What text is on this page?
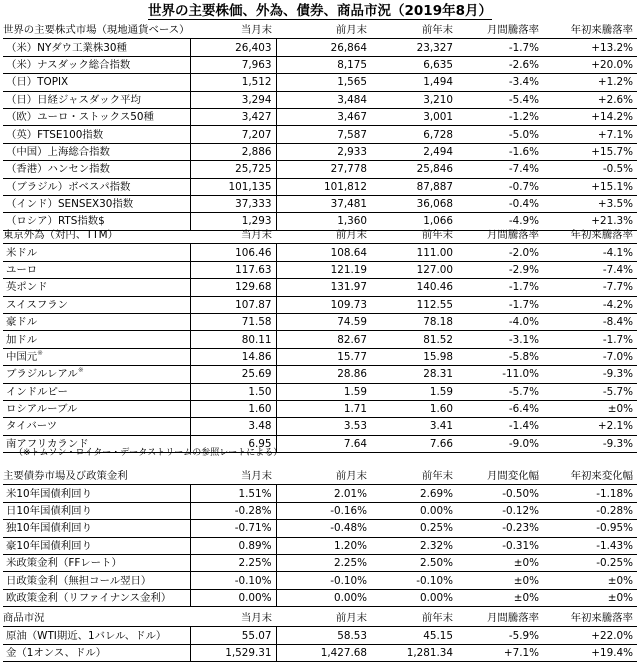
世界の主要株価、外為、債券、商品市況（2019年8月）
世界の主要株式市場（現地通貨ベース）	当月末	前月末	前年末	月間騰落率	年初来騰落率
（米）NYダウ工業株30種	26,403	26,864	23,327	-1.7%	+13.2%
（米）ナスダック総合指数	7,963	8,175	6,635	-2.6%	+20.0%
（日）TOPIX	1,512	1,565	1,494	-3.4%	+1.2%
（日）日経ジャスダック平均	3,294	3,484	3,210	-5.4%	+2.6%
（欧）ユーロ・ストックス50種	3,427	3,467	3,001	-1.2%	+14.2%
（英）FTSE100指数	7,207	7,587	6,728	-5.0%	+7.1%
（中国）上海総合指数	2,886	2,933	2,494	-1.6%	+15.7%
（香港）ハンセン指数	25,725	27,778	25,846	-7.4%	-0.5%
（ブラジル）ボベスパ指数	101,135	101,812	87,887	-0.7%	+15.1%
（インド）SENSEX30指数	37,333	37,481	36,068	-0.4%	+3.5%
（ロシア）RTS指数$	1,293	1,360	1,066	-4.9%	+21.3%
東京外為（対円、TTM）	当月末	前月末	前年末	月間騰落率	年初来騰落率
米ドル	106.46	108.64	111.00	-2.0%	-4.1%
ユーロ	117.63	121.19	127.00	-2.9%	-7.4%
英ポンド	129.68	131.97	140.46	-1.7%	-7.7%
スイスフラン	107.87	109.73	112.55	-1.7%	-4.2%
豪ドル	71.58	74.59	78.18	-4.0%	-8.4%
加ドル	80.11	82.67	81.52	-3.1%	-1.7%
中国元※	14.86	15.77	15.98	-5.8%	-7.0%
ブラジルレアル※	25.69	28.86	28.31	-11.0%	-9.3%
インドルピー	1.50	1.59	1.59	-5.7%	-5.7%
ロシアルーブル	1.60	1.71	1.60	-6.4%	±0%
タイバーツ	3.48	3.53	3.41	-1.4%	+2.1%
南アフリカランド	6.95	7.64	7.66	-9.0%	-9.3%
（※トムソン・ロイター・データストリームの参照レートによる）
主要債券市場及び政策金利	当月末	前月末	前年末	月間変化幅	年初来変化幅
米10年国債利回り	1.51%	2.01%	2.69%	-0.50%	-1.18%
日10年国債利回り	-0.28%	-0.16%	0.00%	-0.12%	-0.28%
独10年国債利回り	-0.71%	-0.48%	0.25%	-0.23%	-0.95%
豪10年国債利回り	0.89%	1.20%	2.32%	-0.31%	-1.43%
米政策金利（FFレート）	2.25%	2.25%	2.50%	±0%	-0.25%
日政策金利（無担コール翌日）	-0.10%	-0.10%	-0.10%	±0%	±0%
欧政策金利（リファイナンス金利）	0.00%	0.00%	0.00%	±0%	±0%
商品市況	当月末	前月末	前年末	月間騰落率	年初来騰落率
原油（WTI期近、1バレル、ドル）	55.07	58.53	45.15	-5.9%	+22.0%
金（1オンス、ドル）	1,529.31	1,427.68	1,281.34	+7.1%	+19.4%
